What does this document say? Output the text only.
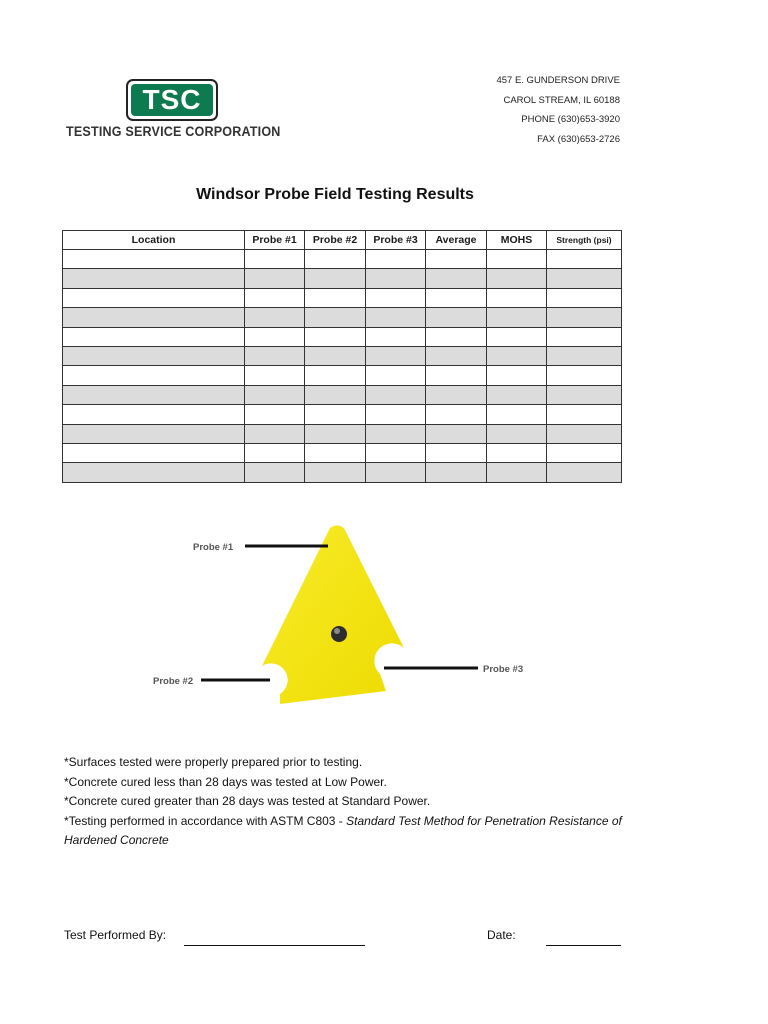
TSC
TESTING SERVICE CORPORATION
457 E. GUNDERSON DRIVE
CAROL STREAM, IL 60188
PHONE (630)653-3920
FAX (630)653-2726
Windsor Probe Field Testing Results
Location	Probe #1	Probe #2	Probe #3	Average	MOHS	Strength (psi)

Probe #1
Probe #2
Probe #3
*Surfaces tested were properly prepared prior to testing.
*Concrete cured less than 28 days was tested at Low Power.
*Concrete cured greater than 28 days was tested at Standard Power.
*Testing performed in accordance with ASTM C803 - Standard Test Method for Penetration Resistance of Hardened Concrete
Test Performed By:	Date:
